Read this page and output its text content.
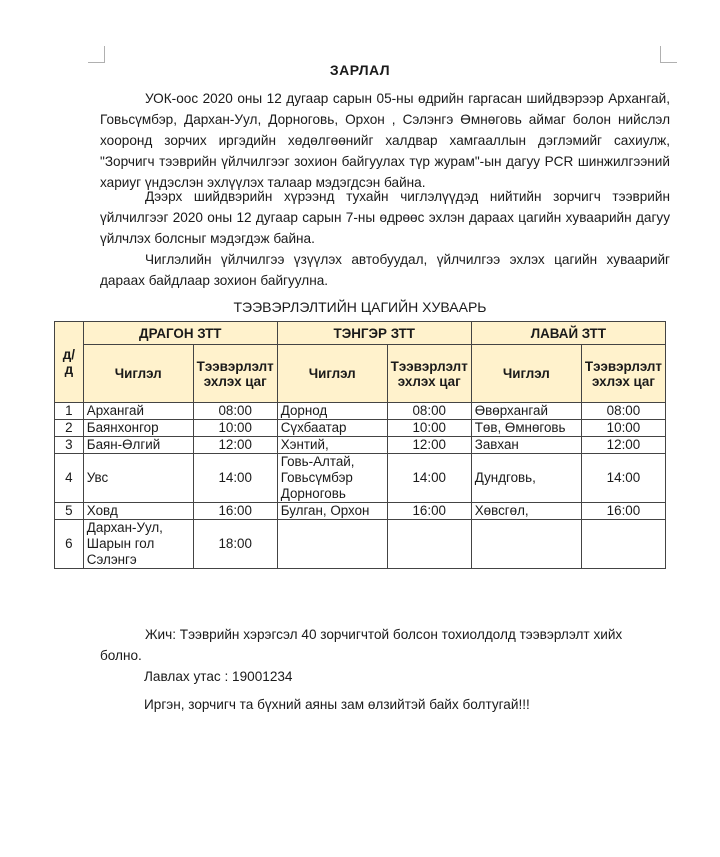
ЗАРЛАЛ
УОК-оос 2020 оны 12 дугаар сарын 05-ны өдрийн гаргасан шийдвэрээр Архангай, Говьсүмбэр, Дархан-Уул, Дорноговь, Орхон , Сэлэнгэ Өмнөговь аймаг болон нийслэл хооронд зорчих иргэдийн хөдөлгөөнийг халдвар хамгааллын дэглэмийг сахиулж, "Зорчигч тээврийн үйлчилгээг зохион байгуулах түр журам"-ын дагуу PCR шинжилгээний хариуг үндэслэн эхлүүлэх талаар мэдэгдсэн байна.
Дээрх шийдвэрийн хүрээнд тухайн чиглэлүүдэд нийтийн зорчигч тээврийн үйлчилгээг 2020 оны 12 дугаар сарын 7-ны өдрөөс эхлэн дараах цагийн хуваарийн дагуу үйлчлэх болсныг мэдэгдэж байна.
Чиглэлийн үйлчилгээ үзүүлэх автобуудал, үйлчилгээ эхлэх цагийн хуваарийг дараах байдлаар зохион байгуулна.
ТЭЭВЭРЛЭЛТИЙН ЦАГИЙН ХУВААРЬ
д/ д	ДРАГОН ЗТТ		ТЭНГЭР ЗТТ		ЛАВАЙ ЗТТ	
	Чиглэл	Тээвэрлэлт эхлэх цаг	Чиглэл	Тээвэрлэлт эхлэх цаг	Чиглэл	Тээвэрлэлт эхлэх цаг
1	Архангай	08:00	Дорнод	08:00	Өвөрхангай	08:00
2	Баянхонгор	10:00	Сүхбаатар	10:00	Төв, Өмнөговь	10:00
3	Баян-Өлгий	12:00	Хэнтий,	12:00	Завхан	12:00
4	Увс	14:00	Говь-Алтай, Говьсүмбэр Дорноговь	14:00	Дундговь,	14:00
5	Ховд	16:00	Булган, Орхон	16:00	Хөвсгөл,	16:00
6	Дархан-Уул, Шарын гол Сэлэнгэ	18:00				
Жич: Тээврийн хэрэгсэл 40 зорчигчтой болсон тохиолдолд тээвэрлэлт хийх болно.
Лавлах утас : 19001234
Иргэн, зорчигч та бүхний аяны зам өлзийтэй байх болтугай!!!
